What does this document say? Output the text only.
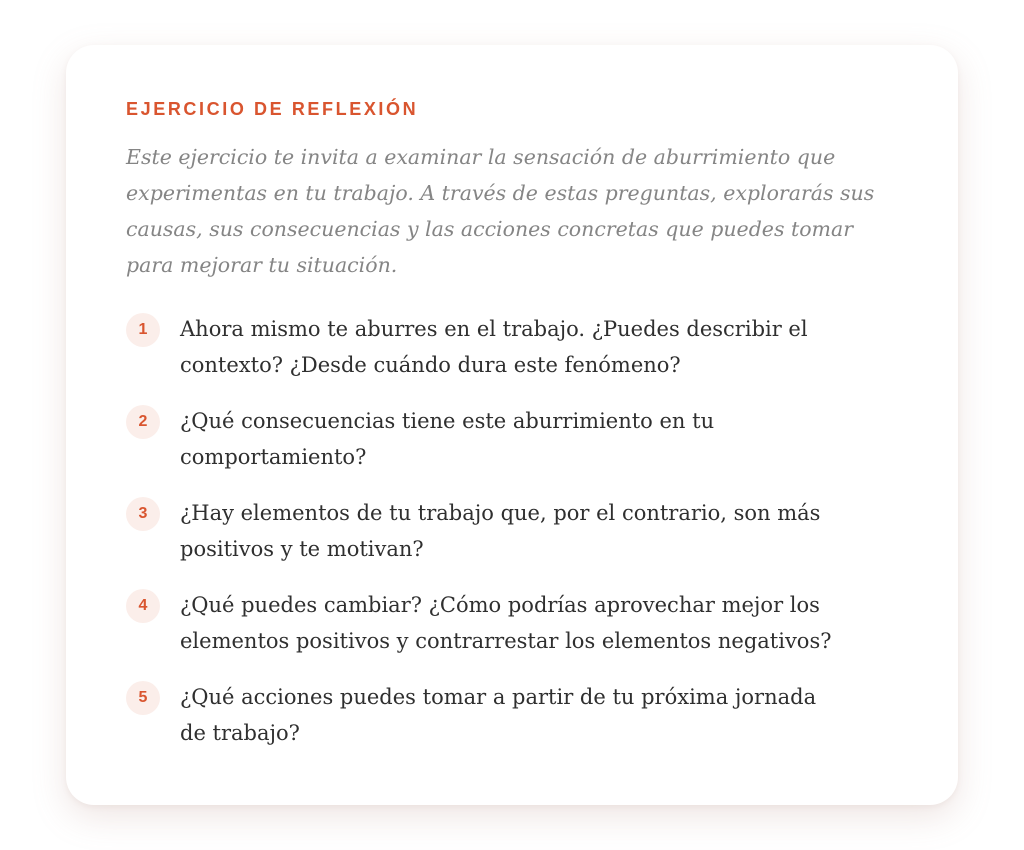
EJERCICIO DE REFLEXIÓN

Este ejercicio te invita a examinar la sensación de aburrimiento que experimentas en tu trabajo. A través de estas preguntas, explorarás sus causas, sus consecuencias y las acciones concretas que puedes tomar para mejorar tu situación.

1	Ahora mismo te aburres en el trabajo. ¿Puedes describir el contexto? ¿Desde cuándo dura este fenómeno?
2	¿Qué consecuencias tiene este aburrimiento en tu comportamiento?
3	¿Hay elementos de tu trabajo que, por el contrario, son más positivos y te motivan?
4	¿Qué puedes cambiar? ¿Cómo podrías aprovechar mejor los elementos positivos y contrarrestar los elementos negativos?
5	¿Qué acciones puedes tomar a partir de tu próxima jornada de trabajo?
